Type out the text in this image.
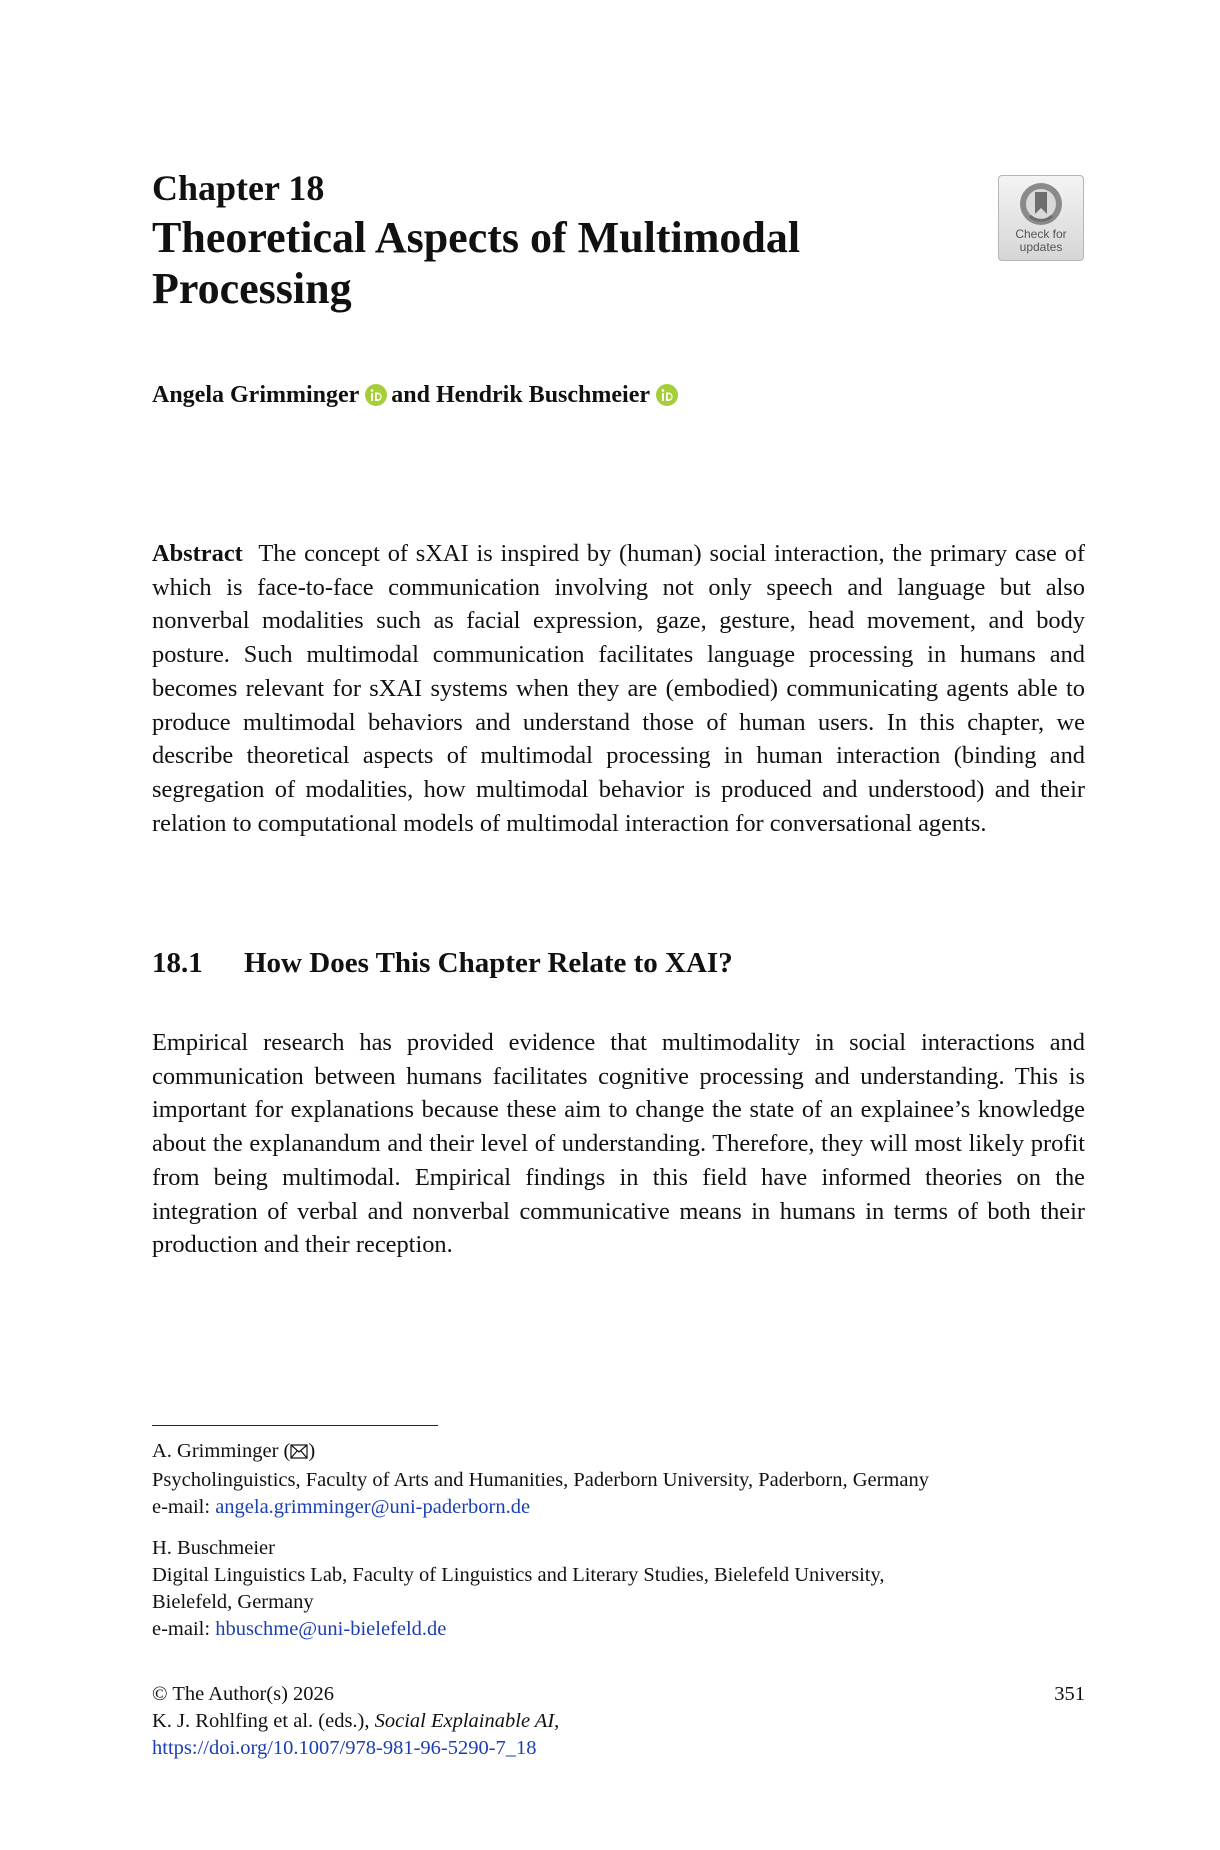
Chapter 18
Theoretical Aspects of Multimodal Processing
Check for
updates
Angela Grimminger and Hendrik Buschmeier
Abstract The concept of sXAI is inspired by (human) social interaction, the primary case of which is face-to-face communication involving not only speech and language but also nonverbal modalities such as facial expression, gaze, gesture, head movement, and body posture. Such multimodal communication facilitates language processing in humans and becomes relevant for sXAI systems when they are (embodied) communicating agents able to produce multimodal behaviors and understand those of human users. In this chapter, we describe theoretical aspects of multimodal processing in human interaction (binding and segregation of modalities, how multimodal behavior is produced and understood) and their relation to computational models of multimodal interaction for conversational agents.
18.1 How Does This Chapter Relate to XAI?
Empirical research has provided evidence that multimodality in social interactions and communication between humans facilitates cognitive processing and understanding. This is important for explanations because these aim to change the state of an explainee’s knowledge about the explanandum and their level of understanding. Therefore, they will most likely profit from being multimodal. Empirical findings in this field have informed theories on the integration of verbal and nonverbal communicative means in humans in terms of both their production and their reception.
A. Grimminger ( )
Psycholinguistics, Faculty of Arts and Humanities, Paderborn University, Paderborn, Germany
e-mail: angela.grimminger@uni-paderborn.de
H. Buschmeier
Digital Linguistics Lab, Faculty of Linguistics and Literary Studies, Bielefeld University,
Bielefeld, Germany
e-mail: hbuschme@uni-bielefeld.de
© The Author(s) 2026
K. J. Rohlfing et al. (eds.), Social Explainable AI,
https://doi.org/10.1007/978-981-96-5290-7_18
351
